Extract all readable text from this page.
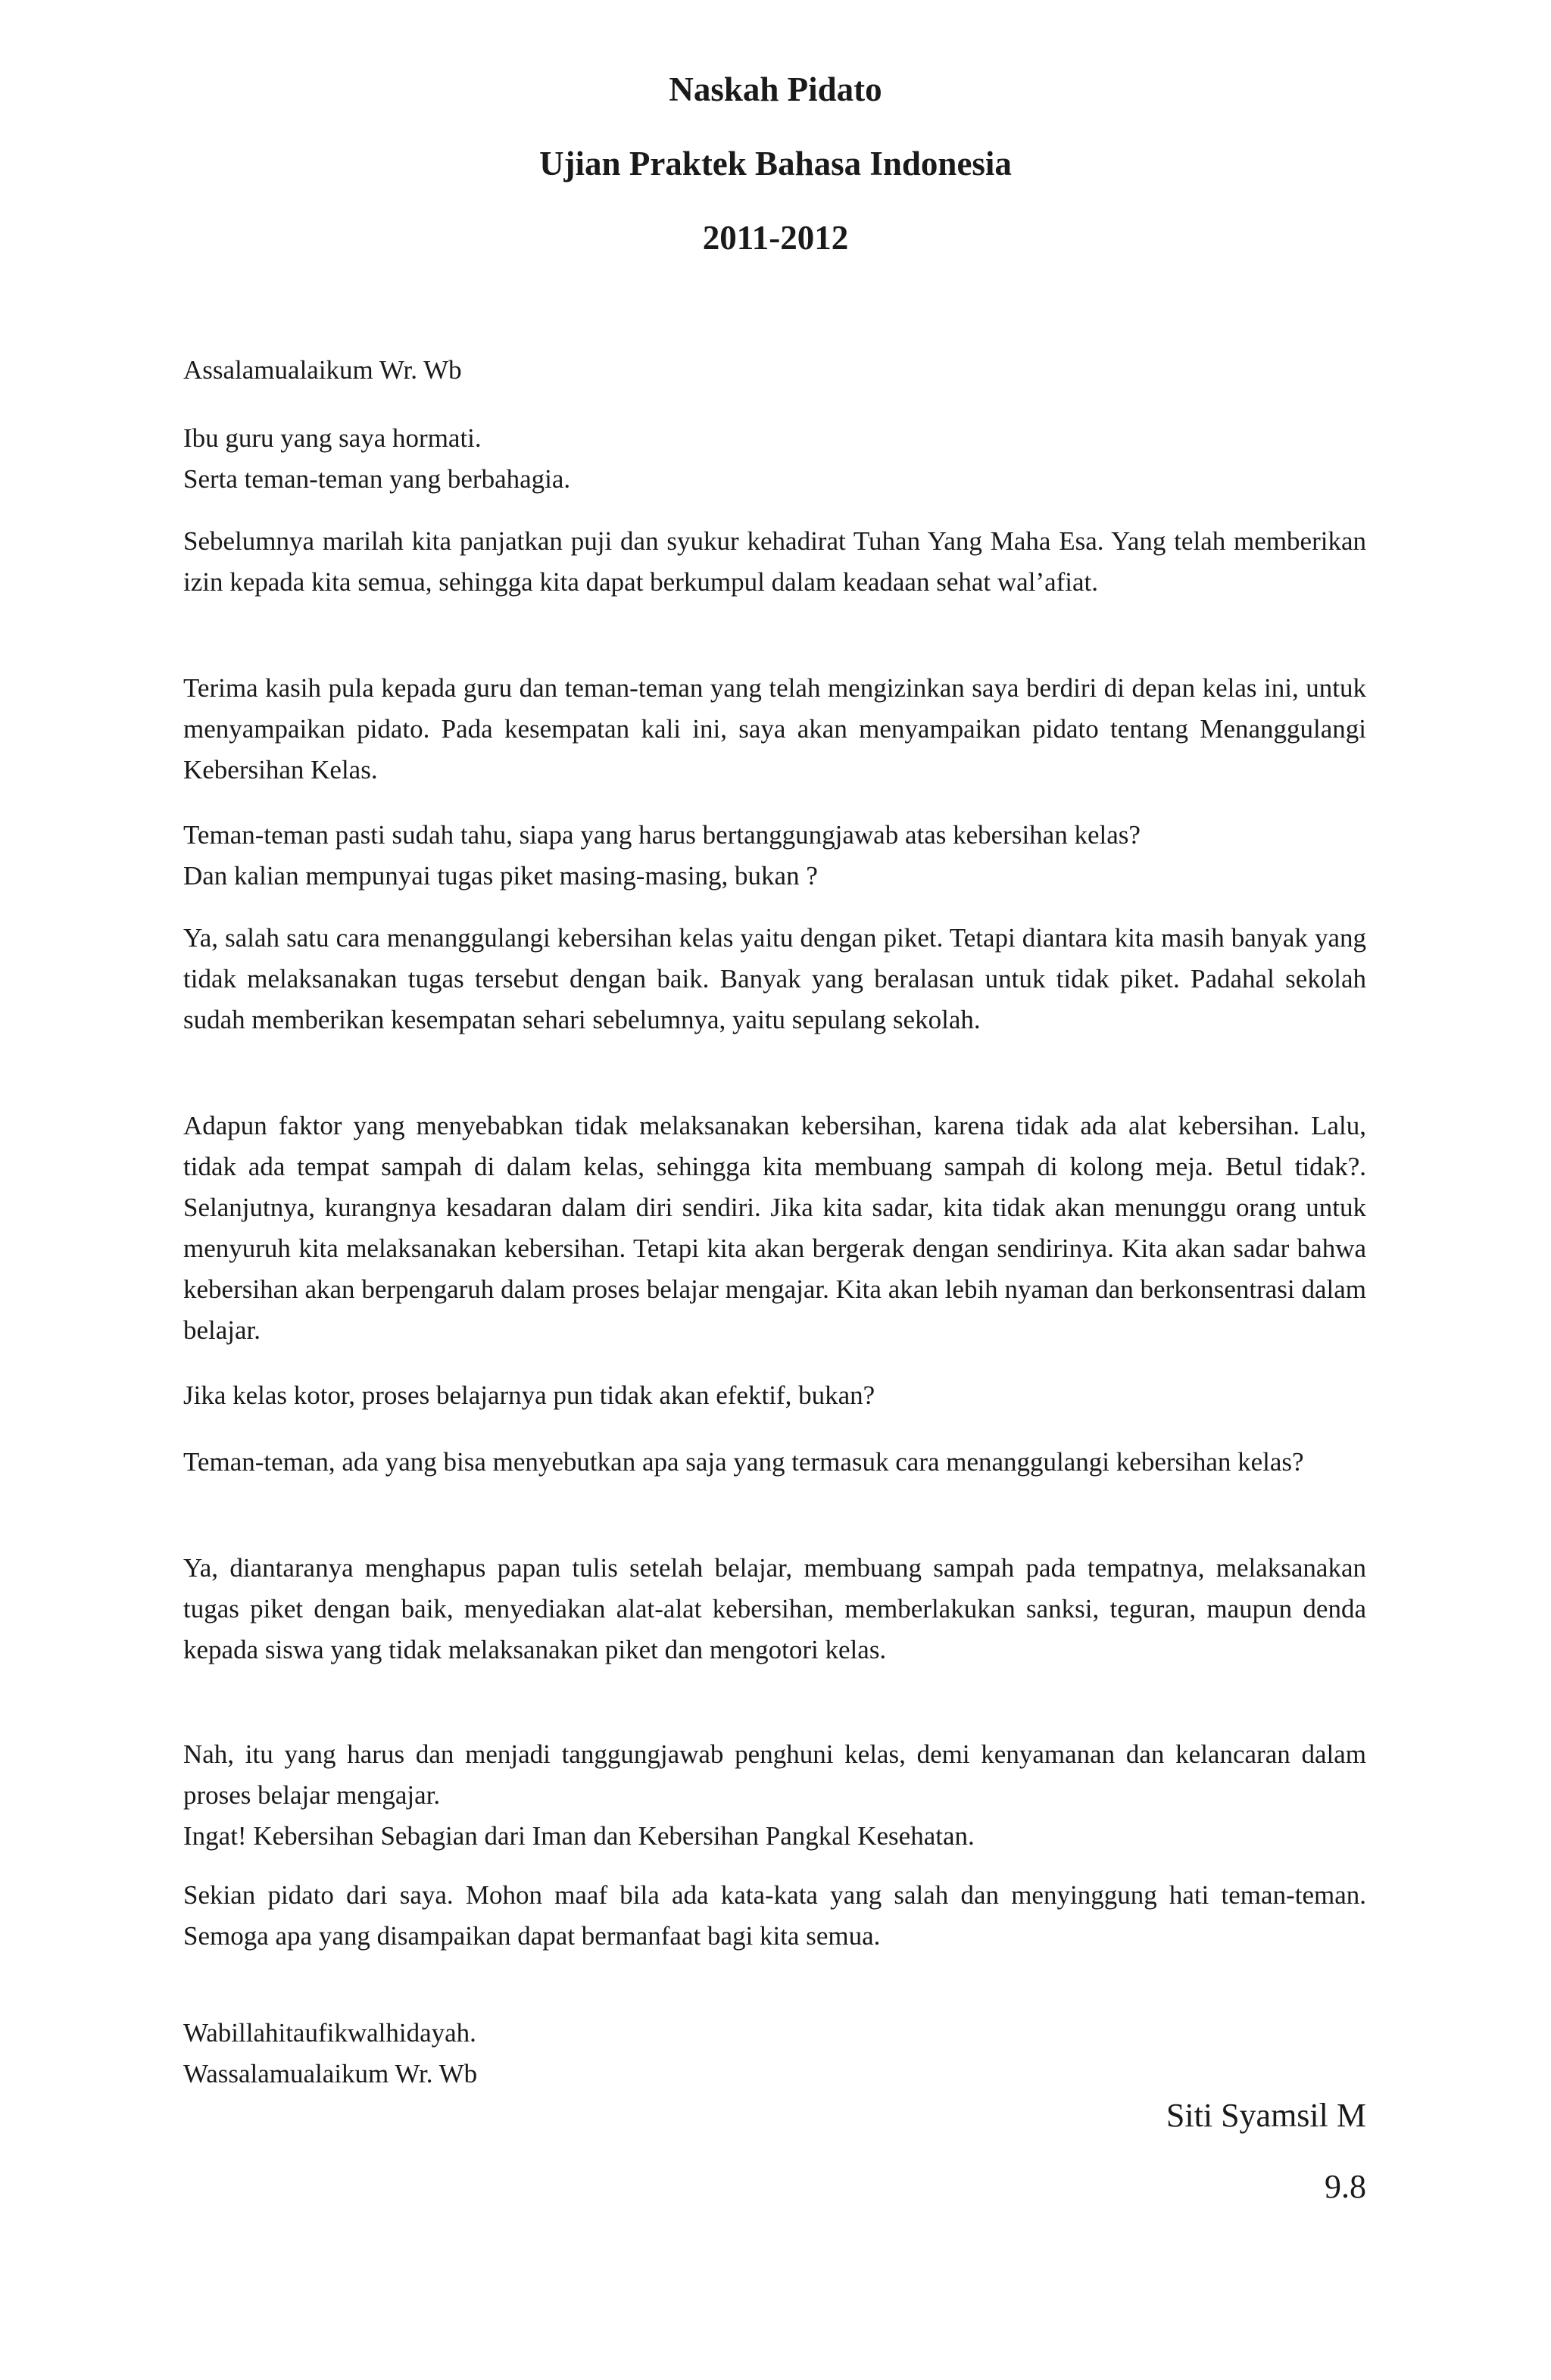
Naskah Pidato
Ujian Praktek Bahasa Indonesia
2011-2012

Assalamualaikum Wr. Wb

Ibu guru yang saya hormati.

Serta teman-teman yang berbahagia.

Sebelumnya marilah kita panjatkan puji dan syukur kehadirat Tuhan Yang Maha Esa. Yang telah memberikan izin kepada kita semua, sehingga kita dapat berkumpul dalam keadaan sehat wal’afiat.

Terima kasih pula kepada guru dan teman-teman yang telah mengizinkan saya berdiri di depan kelas ini, untuk menyampaikan pidato. Pada kesempatan kali ini, saya akan menyampaikan pidato tentang Menanggulangi Kebersihan Kelas.

Teman-teman pasti sudah tahu, siapa yang harus bertanggungjawab atas kebersihan kelas?

Dan kalian mempunyai tugas piket masing-masing, bukan ?

Ya, salah satu cara menanggulangi kebersihan kelas yaitu dengan piket. Tetapi diantara kita masih banyak yang tidak melaksanakan tugas tersebut dengan baik. Banyak yang beralasan untuk tidak piket. Padahal sekolah sudah memberikan kesempatan sehari sebelumnya, yaitu sepulang sekolah.

Adapun faktor yang menyebabkan tidak melaksanakan kebersihan, karena tidak ada alat kebersihan. Lalu, tidak ada tempat sampah di dalam kelas, sehingga kita membuang sampah di kolong meja. Betul tidak?. Selanjutnya, kurangnya kesadaran dalam diri sendiri. Jika kita sadar, kita tidak akan menunggu orang untuk menyuruh kita melaksanakan kebersihan. Tetapi kita akan bergerak dengan sendirinya. Kita akan sadar bahwa kebersihan akan berpengaruh dalam proses belajar mengajar. Kita akan lebih nyaman dan berkonsentrasi dalam belajar.

Jika kelas kotor, proses belajarnya pun tidak akan efektif, bukan?

Teman-teman, ada yang bisa menyebutkan apa saja yang termasuk cara menanggulangi kebersihan kelas?

Ya, diantaranya menghapus papan tulis setelah belajar, membuang sampah pada tempatnya, melaksanakan tugas piket dengan baik, menyediakan alat-alat kebersihan, memberlakukan sanksi, teguran, maupun denda kepada siswa yang tidak melaksanakan piket dan mengotori kelas.

Nah, itu yang harus dan menjadi tanggungjawab penghuni kelas, demi kenyamanan dan kelancaran dalam proses belajar mengajar.

Ingat! Kebersihan Sebagian dari Iman dan Kebersihan Pangkal Kesehatan.

Sekian pidato dari saya. Mohon maaf bila ada kata-kata yang salah dan menyinggung hati teman-teman. Semoga apa yang disampaikan dapat bermanfaat bagi kita semua.

Wabillahitaufikwalhidayah.

Wassalamualaikum Wr. Wb

Siti Syamsil M
9.8
